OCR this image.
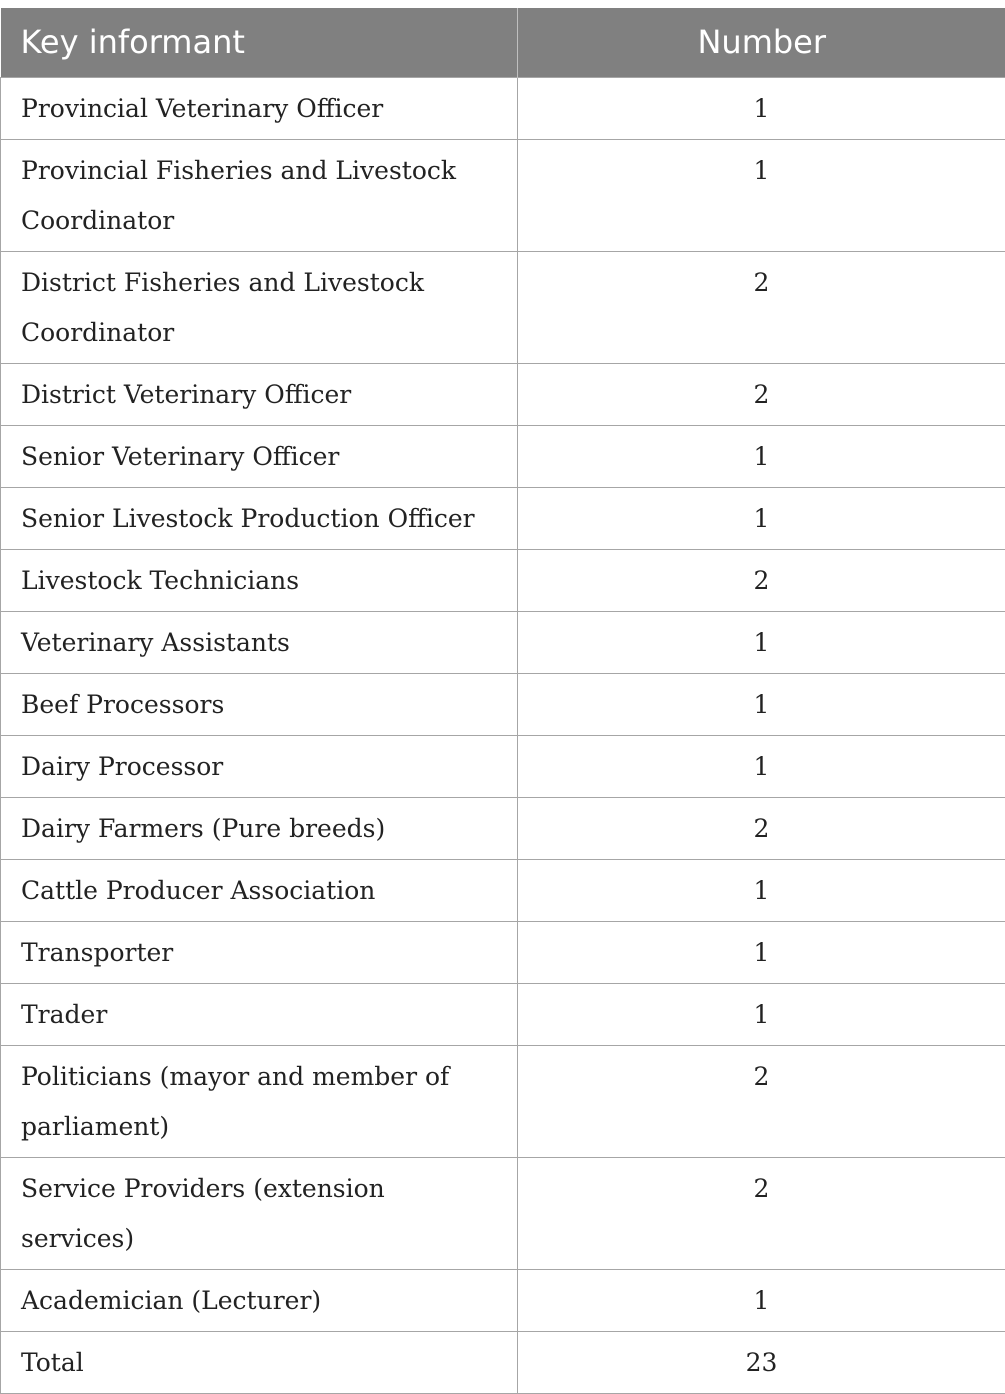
Key informant	Number
Provincial Veterinary Officer	1
Provincial Fisheries and Livestock Coordinator	1
District Fisheries and Livestock Coordinator	2
District Veterinary Officer	2
Senior Veterinary Officer	1
Senior Livestock Production Officer	1
Livestock Technicians	2
Veterinary Assistants	1
Beef Processors	1
Dairy Processor	1
Dairy Farmers (Pure breeds)	2
Cattle Producer Association	1
Transporter	1
Trader	1
Politicians (mayor and member of parliament)	2
Service Providers (extension services)	2
Academician (Lecturer)	1
Total	23
